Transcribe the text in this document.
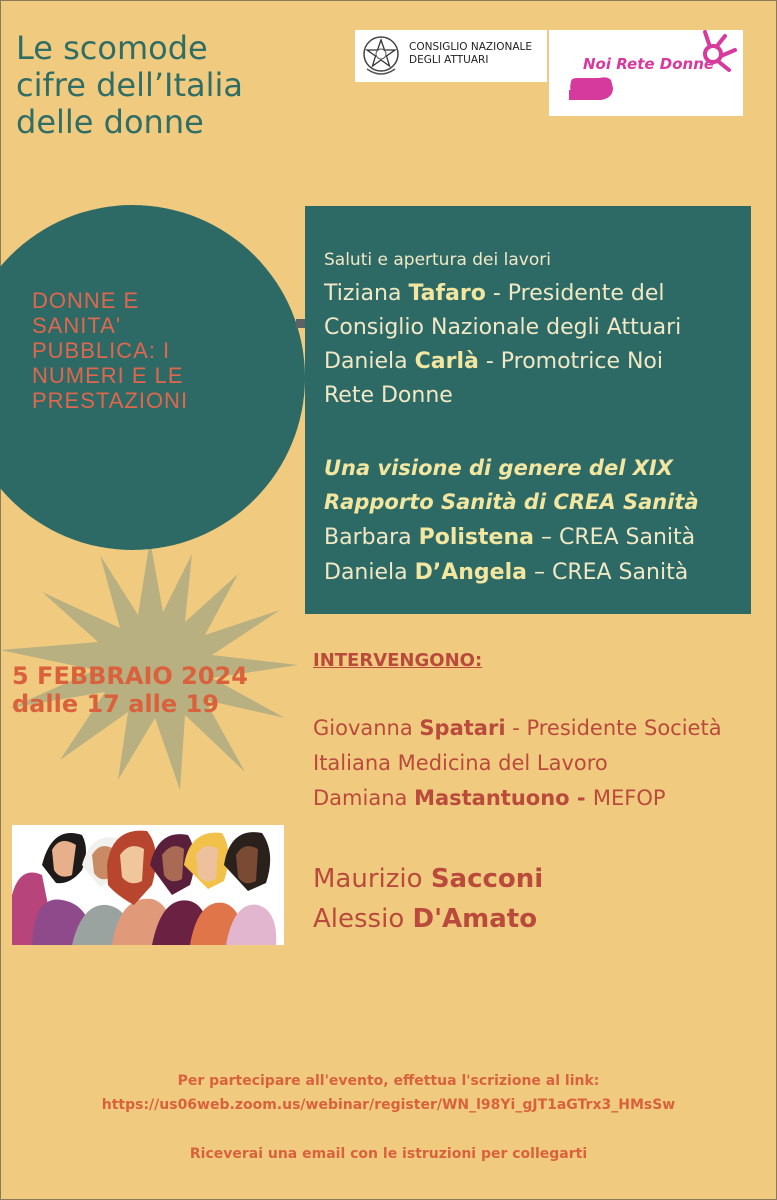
Le scomode
cifre dell’Italia
delle donne
CONSIGLIO NAZIONALE
DEGLI ATTUARI	Noi Rete Donne
DONNE E
SANITA'
PUBBLICA: I
NUMERI E LE
PRESTAZIONI
Saluti e apertura dei lavori
Tiziana Tafaro - Presidente del
Consiglio Nazionale degli Attuari
Daniela Carlà - Promotrice Noi
Rete Donne
Una visione di genere del XIX
Rapporto Sanità di CREA Sanità
Barbara Polistena – CREA Sanità
Daniela D’Angela – CREA Sanità
5 FEBBRAIO 2024
dalle 17 alle 19
INTERVENGONO:
Giovanna Spatari - Presidente Società
Italiana Medicina del Lavoro
Damiana Mastantuono - MEFOP
Maurizio Sacconi
Alessio D'Amato
Per partecipare all'evento, effettua l'scrizione al link:
https://us06web.zoom.us/webinar/register/WN_l98Yi_gJT1aGTrx3_HMsSw
Riceverai una email con le istruzioni per collegarti
